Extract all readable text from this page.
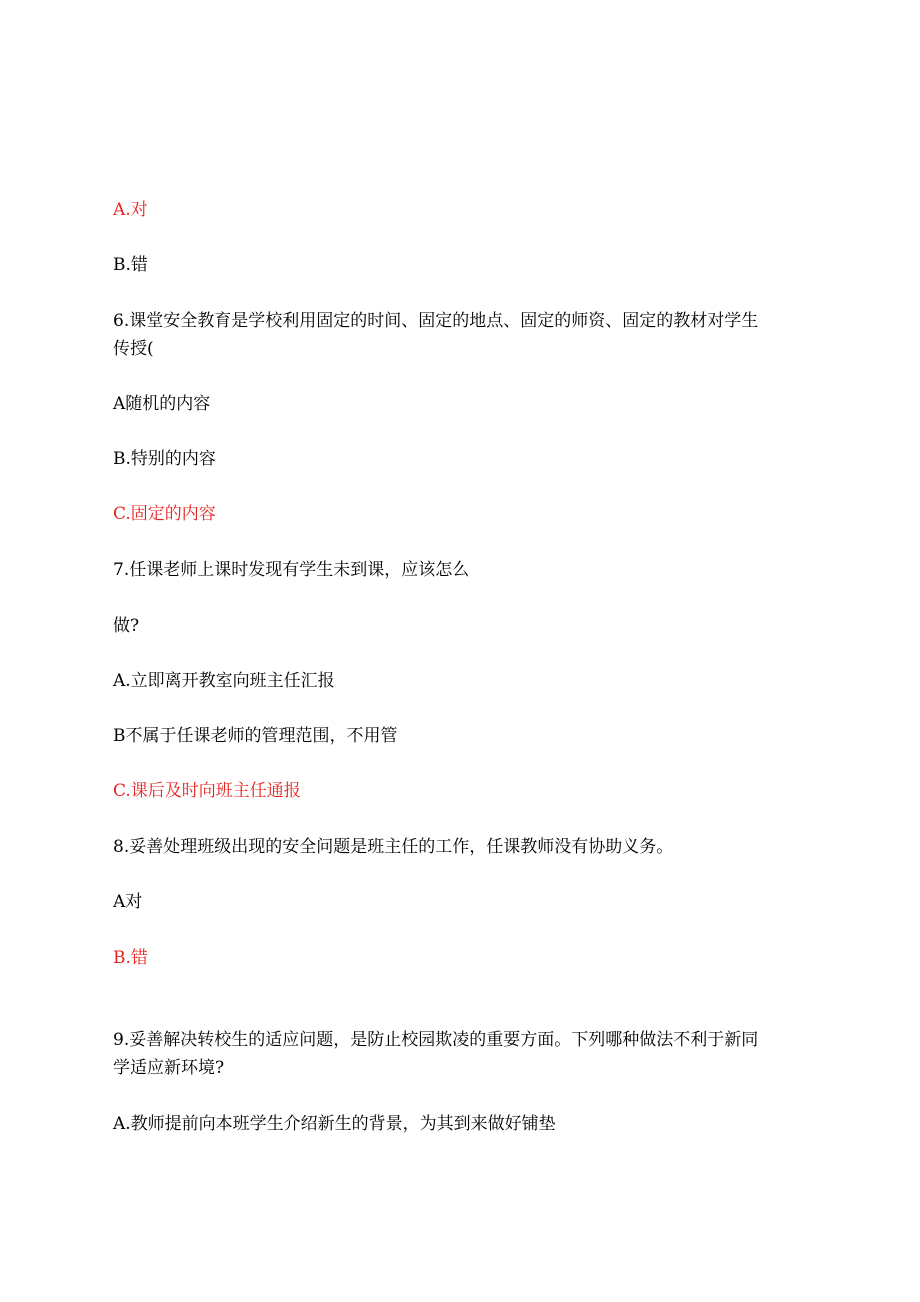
A.对
B.错
6.课堂安全教育是学校利用固定的时间、固定的地点、固定的师资、固定的教材对学生
传授(
A随机的内容
B.特别的内容
C.固定的内容
7.任课老师上课时发现有学生未到课，应该怎么
做?
A.立即离开教室向班主任汇报
B不属于任课老师的管理范围，不用管
C.课后及时向班主任通报
8.妥善处理班级出现的安全问题是班主任的工作，任课教师没有协助义务。
A对
B.错
9.妥善解决转校生的适应问题，是防止校园欺凌的重要方面。下列哪种做法不利于新同
学适应新环境?
A.教师提前向本班学生介绍新生的背景，为其到来做好铺垫
